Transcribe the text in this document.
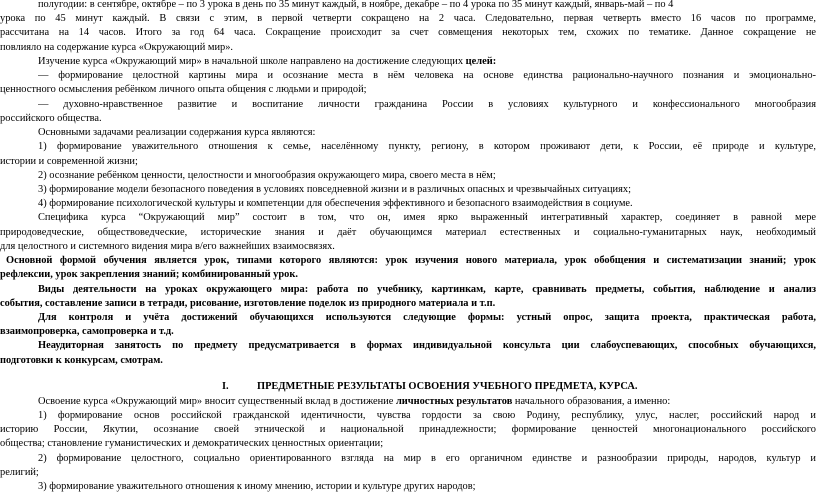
полугодии: в сентябре, октябре – по 3 урока в день по 35 минут каждый, в ноябре, декабре – по 4 урока по 35 минут каждый, январь-май – по 4
урока по 45 минут каждый. В связи с этим, в первой четверти сокращено на 2 часа. Следовательно, первая четверть вместо 16 часов по программе,
рассчитана на 14 часов. Итого за год 64 часа. Сокращение происходит за счет совмещения некоторых тем, схожих по тематике. Данное сокращение не
повлияло на содержание курса «Окружающий мир».
Изучение курса «Окружающий мир» в начальной школе направлено на достижение следующих целей:
— формирование целостной картины мира и осознание места в нём человека на основе единства рационально-научного познания и эмоционально-
ценностного осмысления ребёнком личного опыта общения с людьми и природой;
— духовно-нравственное развитие и воспитание личности гражданина России в условиях культурного и конфессионального многообразия
российского общества.
Основными задачами реализации содержания курса являются:
1) формирование уважительного отношения к семье, населённому пункту, региону, в котором проживают дети, к России, её природе и культуре,
истории и современной жизни;
2) осознание ребёнком ценности, целостности и многообразия окружающего мира, своего места в нём;
3) формирование модели безопасного поведения в условиях повседневной жизни и в различных опасных и чрезвычайных ситуациях;
4) формирование психологической культуры и компетенции для обеспечения эффективного и безопасного взаимодействия в социуме.
Специфика курса “Окружающий мир” состоит в том, что он, имея ярко выраженный интегративный характер, соединяет в равной мере
природоведческие, обществоведческие, исторические знания и даёт обучающимся материал естественных и социально-гуманитарных наук, необходимый
для целостного и системного видения мира в/его важнейших взаимосвязях.
Основной формой обучения является урок, типами которого являются: урок изучения нового материала, урок обобщения и систематизации знаний; урок
рефлексии, урок закрепления знаний; комбинированный урок.
Виды деятельности на уроках окружающего мира: работа по учебнику, картинкам, карте, сравнивать предметы, события, наблюдение и анализ
события, составление записи в тетради, рисование, изготовление поделок из природного материала и т.п.
Для контроля и учёта достижений обучающихся используются следующие формы: устный опрос, защита проекта, практическая работа,
взаимопроверка, самопроверка и т.д.
Неаудиторная занятость по предмету предусматривается в формах индивидуальной консульта ции слабоуспевающих, способных обучающихся,
подготовки к конкурсам, смотрам.
I.	ПРЕДМЕТНЫЕ РЕЗУЛЬТАТЫ ОСВОЕНИЯ УЧЕБНОГО ПРЕДМЕТА, КУРСА.
Освоение курса «Окружающий мир» вносит существенный вклад в достижение личностных результатов начального образования, а именно:
1) формирование основ российской гражданской идентичности, чувства гордости за свою Родину, республику, улус, наслег, российский народ и
историю России, Якутии, осознание своей этнической и национальной принадлежности; формирование ценностей многонационального российского
общества; становление гуманистических и демократических ценностных ориентации;
2) формирование целостного, социально ориентированного взгляда на мир в его органичном единстве и разнообразии природы, народов, культур и
религий;
3) формирование уважительного отношения к иному мнению, истории и культуре других народов;
